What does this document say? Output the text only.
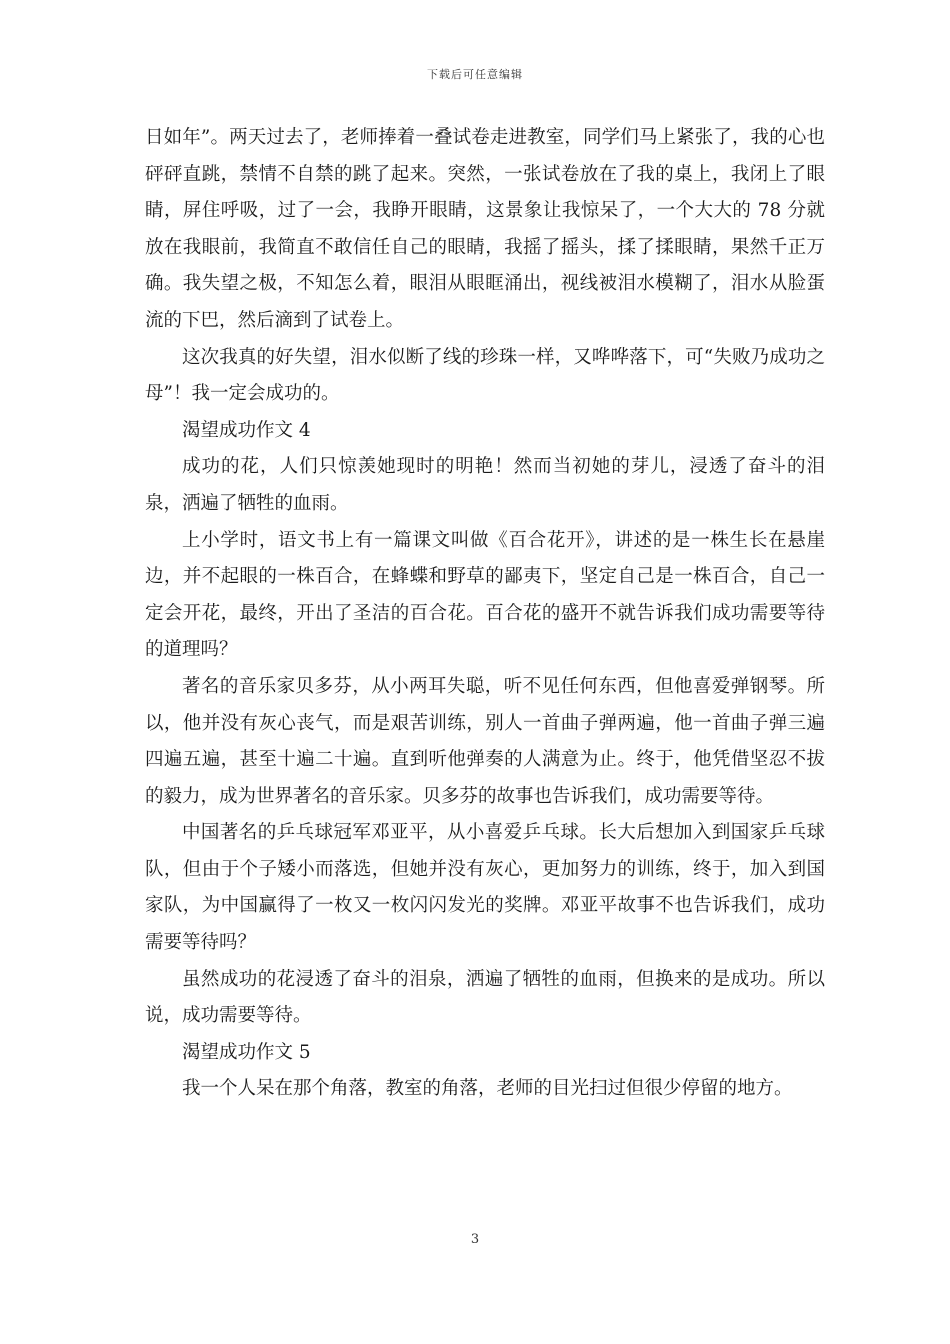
下载后可任意编辑

日如年”。两天过去了，老师捧着一叠试卷走进教室，同学们马上紧张了，我的心也砰砰直跳，禁情不自禁的跳了起来。突然，一张试卷放在了我的桌上，我闭上了眼睛，屏住呼吸，过了一会，我睁开眼睛，这景象让我惊呆了，一个大大的 78 分就放在我眼前，我简直不敢信任自己的眼睛，我摇了摇头，揉了揉眼睛，果然千正万确。我失望之极，不知怎么着，眼泪从眼眶涌出，视线被泪水模糊了，泪水从脸蛋流的下巴，然后滴到了试卷上。

这次我真的好失望，泪水似断了线的珍珠一样，又哗哗落下，可“失败乃成功之母”！我一定会成功的。

渴望成功作文 4

成功的花，人们只惊羡她现时的明艳！然而当初她的芽儿，浸透了奋斗的泪泉，洒遍了牺牲的血雨。

上小学时，语文书上有一篇课文叫做《百合花开》，讲述的是一株生长在悬崖边，并不起眼的一株百合，在蜂蝶和野草的鄙夷下，坚定自己是一株百合，自己一定会开花，最终，开出了圣洁的百合花。百合花的盛开不就告诉我们成功需要等待的道理吗？

著名的音乐家贝多芬，从小两耳失聪，听不见任何东西，但他喜爱弹钢琴。所以，他并没有灰心丧气，而是艰苦训练，别人一首曲子弹两遍，他一首曲子弹三遍四遍五遍，甚至十遍二十遍。直到听他弹奏的人满意为止。终于，他凭借坚忍不拔的毅力，成为世界著名的音乐家。贝多芬的故事也告诉我们，成功需要等待。

中国著名的乒乓球冠军邓亚平，从小喜爱乒乓球。长大后想加入到国家乒乓球队，但由于个子矮小而落选，但她并没有灰心，更加努力的训练，终于，加入到国家队，为中国赢得了一枚又一枚闪闪发光的奖牌。邓亚平故事不也告诉我们，成功需要等待吗？

虽然成功的花浸透了奋斗的泪泉，洒遍了牺牲的血雨，但换来的是成功。所以说，成功需要等待。

渴望成功作文 5

我一个人呆在那个角落，教室的角落，老师的目光扫过但很少停留的地方。

3
